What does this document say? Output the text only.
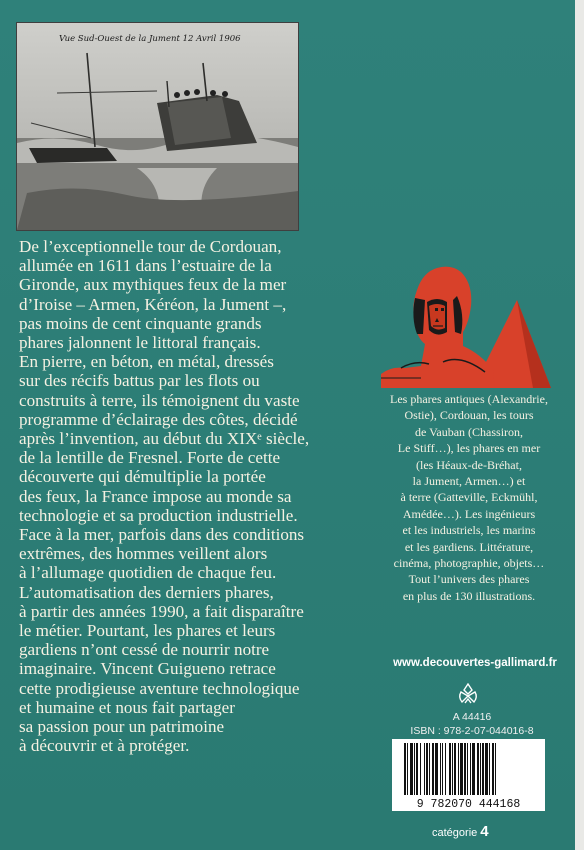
Vue Sud-Ouest de la Jument 12 Avril 1906

De l’exceptionnelle tour de Cordouan,
allumée en 1611 dans l’estuaire de la
Gironde, aux mythiques feux de la mer
d’Iroise – Armen, Kéréon, la Jument –,
pas moins de cent cinquante grands
phares jalonnent le littoral français.
En pierre, en béton, en métal, dressés
sur des récifs battus par les flots ou
construits à terre, ils témoignent du vaste
programme d’éclairage des côtes, décidé
après l’invention, au début du XIXᵉ siècle,
de la lentille de Fresnel. Forte de cette
découverte qui démultiplie la portée
des feux, la France impose au monde sa
technologie et sa production industrielle.
Face à la mer, parfois dans des conditions
extrêmes, des hommes veillent alors
à l’allumage quotidien de chaque feu.
L’automatisation des derniers phares,
à partir des années 1990, a fait disparaître
le métier. Pourtant, les phares et leurs
gardiens n’ont cessé de nourrir notre
imaginaire. Vincent Guigueno retrace
cette prodigieuse aventure technologique
et humaine et nous fait partager
sa passion pour un patrimoine
à découvrir et à protéger.

Les phares antiques (Alexandrie,
Ostie), Cordouan, les tours
de Vauban (Chassiron,
Le Stiff…), les phares en mer
(les Héaux-de-Bréhat,
la Jument, Armen…) et
à terre (Gatteville, Eckmühl,
Amédée…). Les ingénieurs
et les industriels, les marins
et les gardiens. Littérature,
cinéma, photographie, objets…
Tout l’univers des phares
en plus de 130 illustrations.
www.decouvertes-gallimard.fr
A 44416
ISBN : 978-2-07-044016-8
9 782070 444168
catégorie 4
